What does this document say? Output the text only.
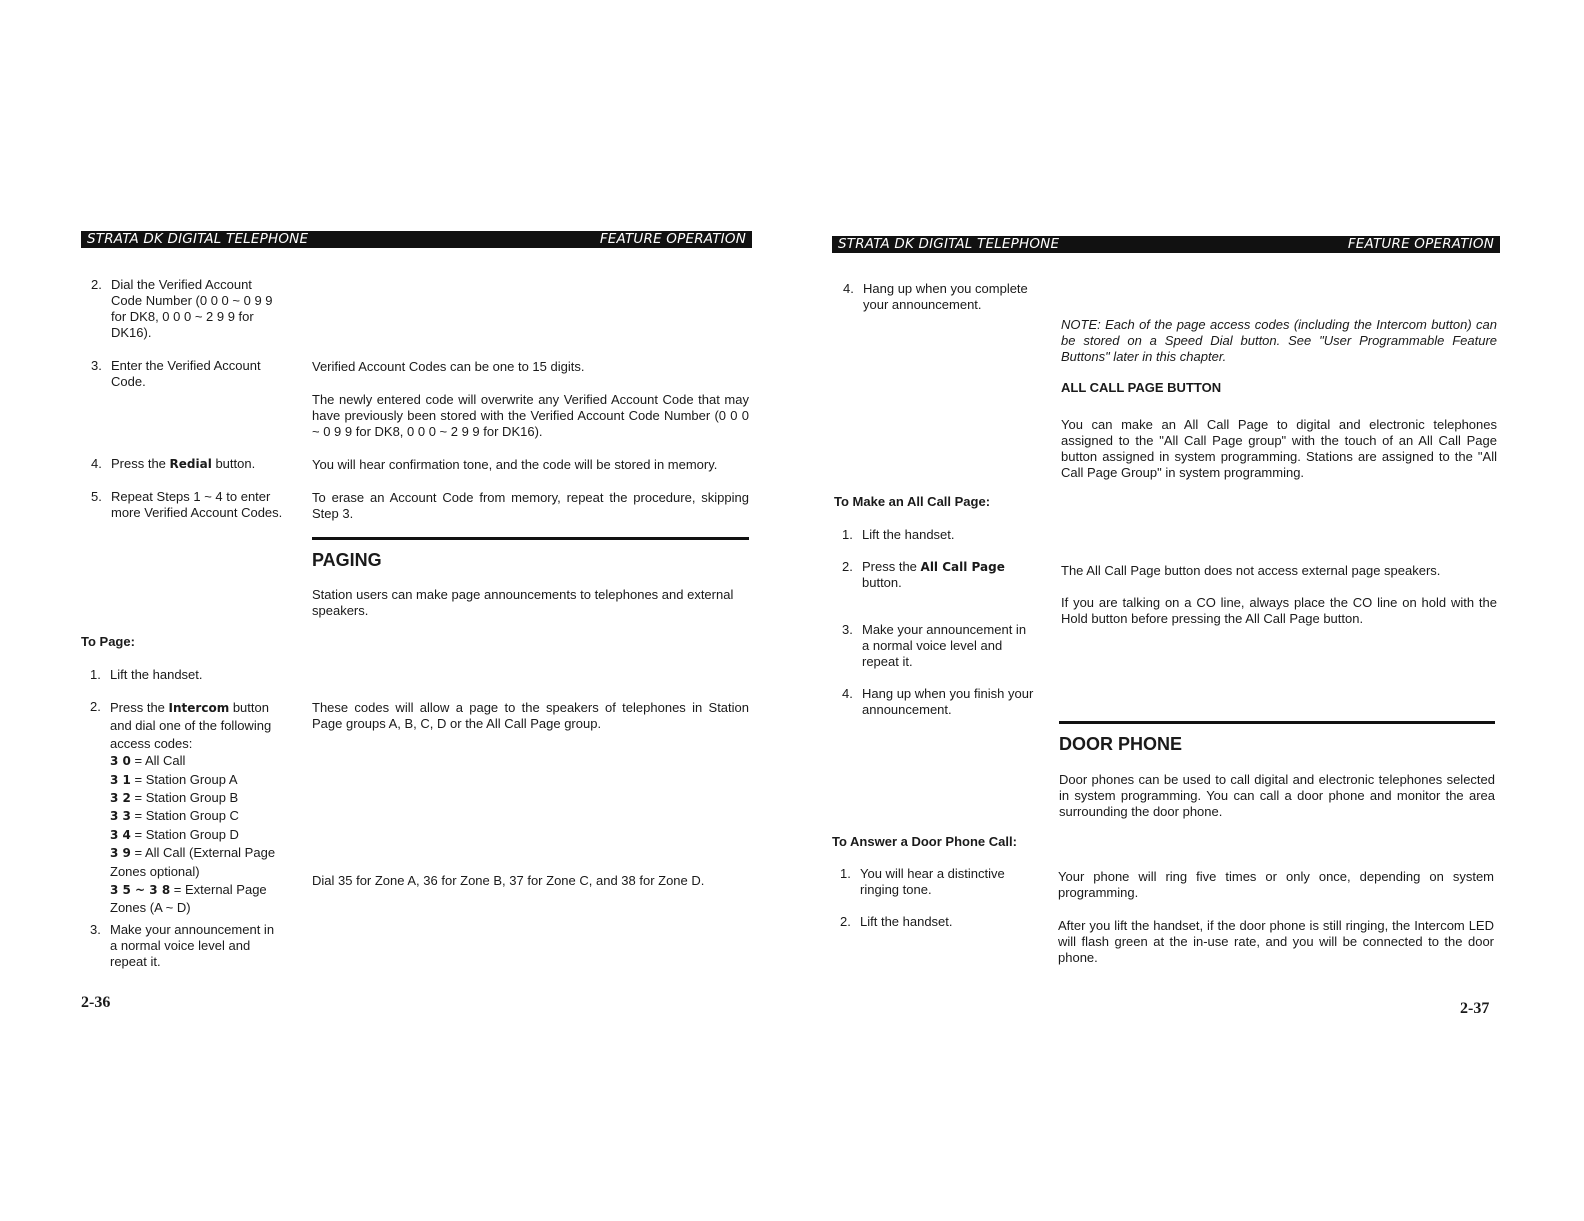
STRATA DK DIGITAL TELEPHONE	FEATURE OPERATION
2. Dial the Verified Account
Code Number (0 0 0 ~ 0 9 9
for DK8, 0 0 0 ~ 2 9 9 for
DK16).
3. Enter the Verified Account
Code.
4. Press the Redial button.
5. Repeat Steps 1 ~ 4 to enter
more Verified Account Codes.
Verified Account Codes can be one to 15 digits.
The newly entered code will overwrite any Verified Account Code that may have previously been stored with the Verified Account Code Number (0 0 0 ~ 0 9 9 for DK8, 0 0 0 ~ 2 9 9 for DK16).
You will hear confirmation tone, and the code will be stored in memory.
To erase an Account Code from memory, repeat the procedure, skipping Step 3.
PAGING
Station users can make page announcements to telephones and external speakers.
To Page:
1. Lift the handset.
2. Press the Intercom button
and dial one of the following
access codes:
3 0 = All Call
3 1 = Station Group A
3 2 = Station Group B
3 3 = Station Group C
3 4 = Station Group D
3 9 = All Call (External Page
Zones optional)
3 5 ~ 3 8 = External Page
Zones (A ~ D)
These codes will allow a page to the speakers of telephones in Station Page groups A, B, C, D or the All Call Page group.
Dial 35 for Zone A, 36 for Zone B, 37 for Zone C, and 38 for Zone D.
3. Make your announcement in
a normal voice level and
repeat it.
2-36
STRATA DK DIGITAL TELEPHONE	FEATURE OPERATION
4. Hang up when you complete
your announcement.
NOTE: Each of the page access codes (including the Intercom button) can be stored on a Speed Dial button. See "User Programmable Feature Buttons" later in this chapter.
ALL CALL PAGE BUTTON
You can make an All Call Page to digital and electronic telephones assigned to the "All Call Page group" with the touch of an All Call Page button assigned in system programming. Stations are assigned to the "All Call Page Group" in system programming.
To Make an All Call Page:
1. Lift the handset.
2. Press the All Call Page
button.
3. Make your announcement in
a normal voice level and
repeat it.
4. Hang up when you finish your
announcement.
The All Call Page button does not access external page speakers.
If you are talking on a CO line, always place the CO line on hold with the Hold button before pressing the All Call Page button.
DOOR PHONE
Door phones can be used to call digital and electronic telephones selected in system programming. You can call a door phone and monitor the area surrounding the door phone.
To Answer a Door Phone Call:
1. You will hear a distinctive
ringing tone.
2. Lift the handset.
Your phone will ring five times or only once, depending on system programming.
After you lift the handset, if the door phone is still ringing, the Intercom LED will flash green at the in-use rate, and you will be connected to the door phone.
2-37
